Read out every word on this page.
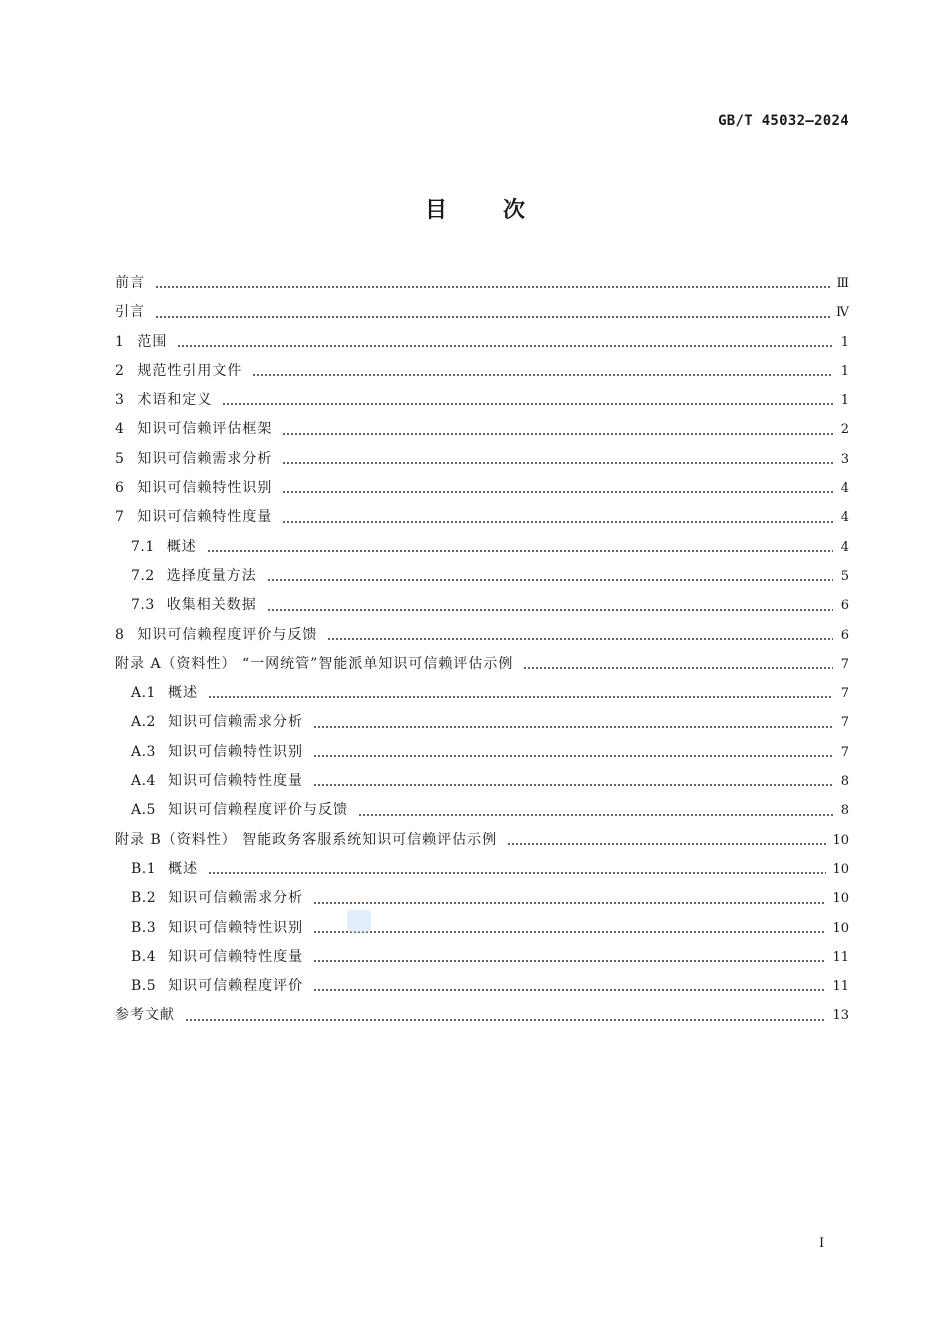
GB/T 45032—2024
目次
前言	Ⅲ
引言	Ⅳ
1 范围	1
2 规范性引用文件	1
3 术语和定义	1
4 知识可信赖评估框架	2
5 知识可信赖需求分析	3
6 知识可信赖特性识别	4
7 知识可信赖特性度量	4
7.1 概述	4
7.2 选择度量方法	5
7.3 收集相关数据	6
8 知识可信赖程度评价与反馈	6
附录 A（资料性） “一网统管”智能派单知识可信赖评估示例	7
A.1 概述	7
A.2 知识可信赖需求分析	7
A.3 知识可信赖特性识别	7
A.4 知识可信赖特性度量	8
A.5 知识可信赖程度评价与反馈	8
附录 B（资料性） 智能政务客服系统知识可信赖评估示例	10
B.1 概述	10
B.2 知识可信赖需求分析	10
B.3 知识可信赖特性识别	10
B.4 知识可信赖特性度量	11
B.5 知识可信赖程度评价	11
参考文献	13
I
